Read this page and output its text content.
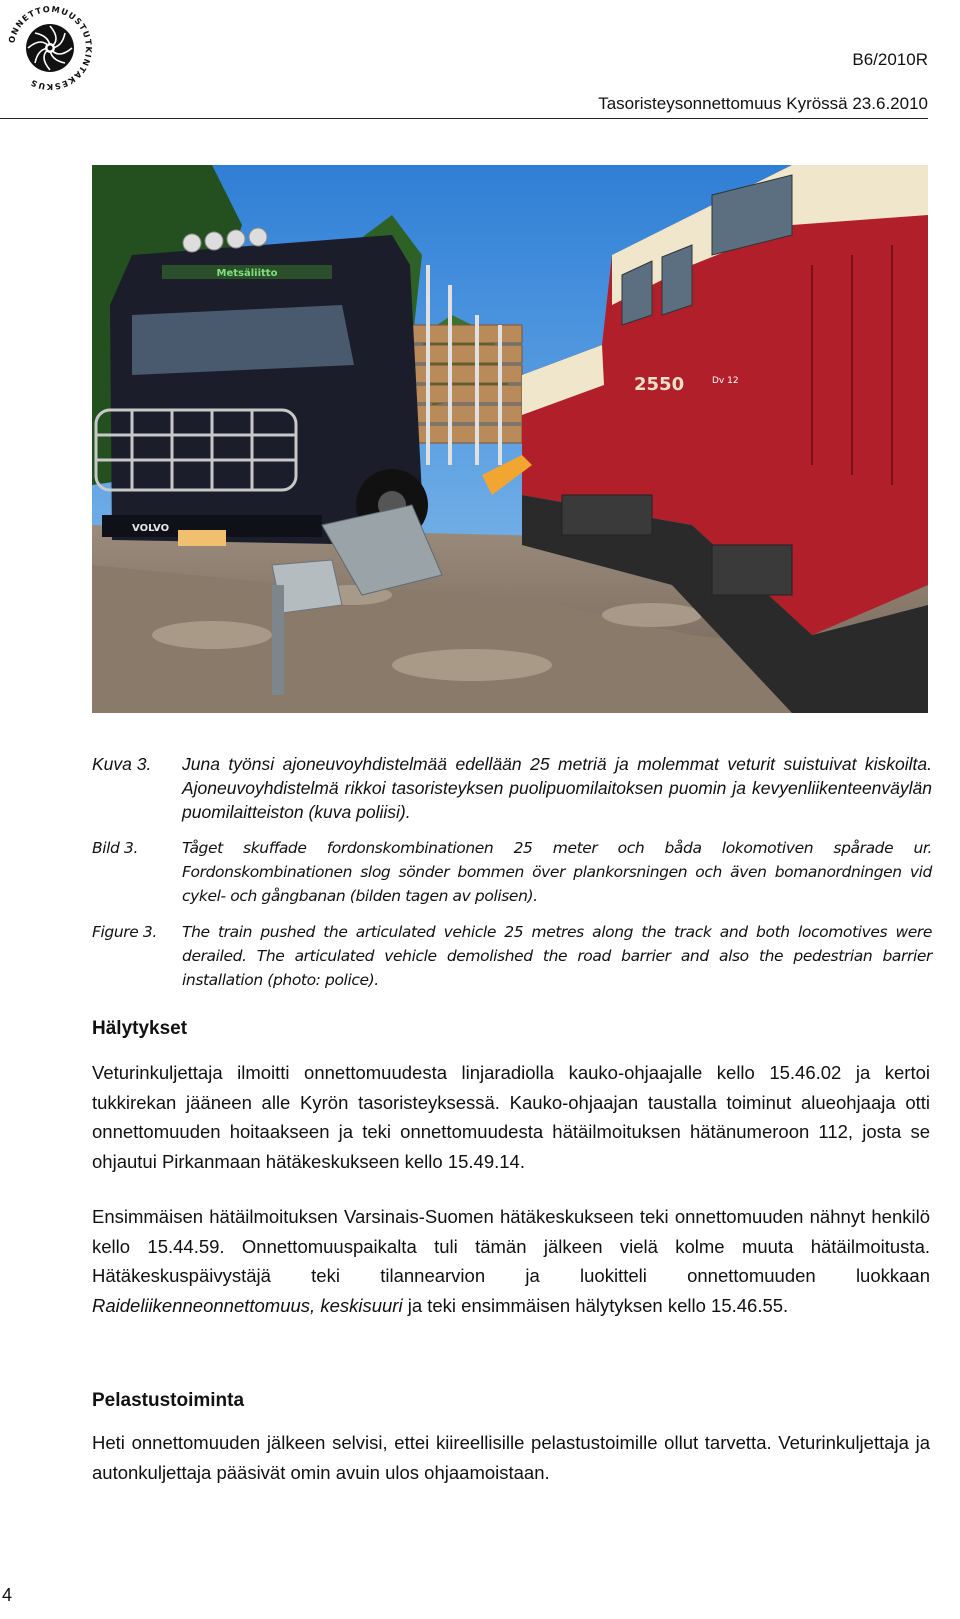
ONNETTOMUUSTUTKINTAKESKUS
B6/2010R
Tasoristeysonnettomuus Kyrössä 23.6.2010
Metsäliitto
VOLVO
2550	Dv 12
Kuva 3. Juna työnsi ajoneuvoyhdistelmää edellään 25 metriä ja molemmat veturit suistuivat kiskoilta. Ajoneuvoyhdistelmä rikkoi tasoristeyksen puolipuomilaitoksen puomin ja kevyenliikenteenväylän puomilaitteiston (kuva poliisi).
Bild 3.	Tåget skuffade fordonskombinationen 25 meter och båda lokomotiven spårade ur. Fordonskombinationen slog sönder bommen över plankorsningen och även bomanordningen vid cykel- och gångbanan (bilden tagen av polisen).
Figure 3. The train pushed the articulated vehicle 25 metres along the track and both locomotives were derailed. The articulated vehicle demolished the road barrier and also the pedestrian barrier installation (photo: police).
Hälytykset
Veturinkuljettaja ilmoitti onnettomuudesta linjaradiolla kauko-ohjaajalle kello 15.46.02 ja kertoi tukkirekan jääneen alle Kyrön tasoristeyksessä. Kauko-ohjaajan taustalla toiminut alueohjaaja otti onnettomuuden hoitaakseen ja teki onnettomuudesta hätäilmoituksen hätänumeroon 112, josta se ohjautui Pirkanmaan hätäkeskukseen kello 15.49.14.
Ensimmäisen hätäilmoituksen Varsinais-Suomen hätäkeskukseen teki onnettomuuden nähnyt henkilö kello 15.44.59. Onnettomuuspaikalta tuli tämän jälkeen vielä kolme muuta hätäilmoitusta. Hätäkeskuspäivystäjä teki tilannearvion ja luokitteli onnettomuuden luokkaan Raideliikenneonnettomuus, keskisuuri ja teki ensimmäisen hälytyksen kello 15.46.55.
Pelastustoiminta
Heti onnettomuuden jälkeen selvisi, ettei kiireellisille pelastustoimille ollut tarvetta. Veturinkuljettaja ja autonkuljettaja pääsivät omin avuin ulos ohjaamoistaan.
4
